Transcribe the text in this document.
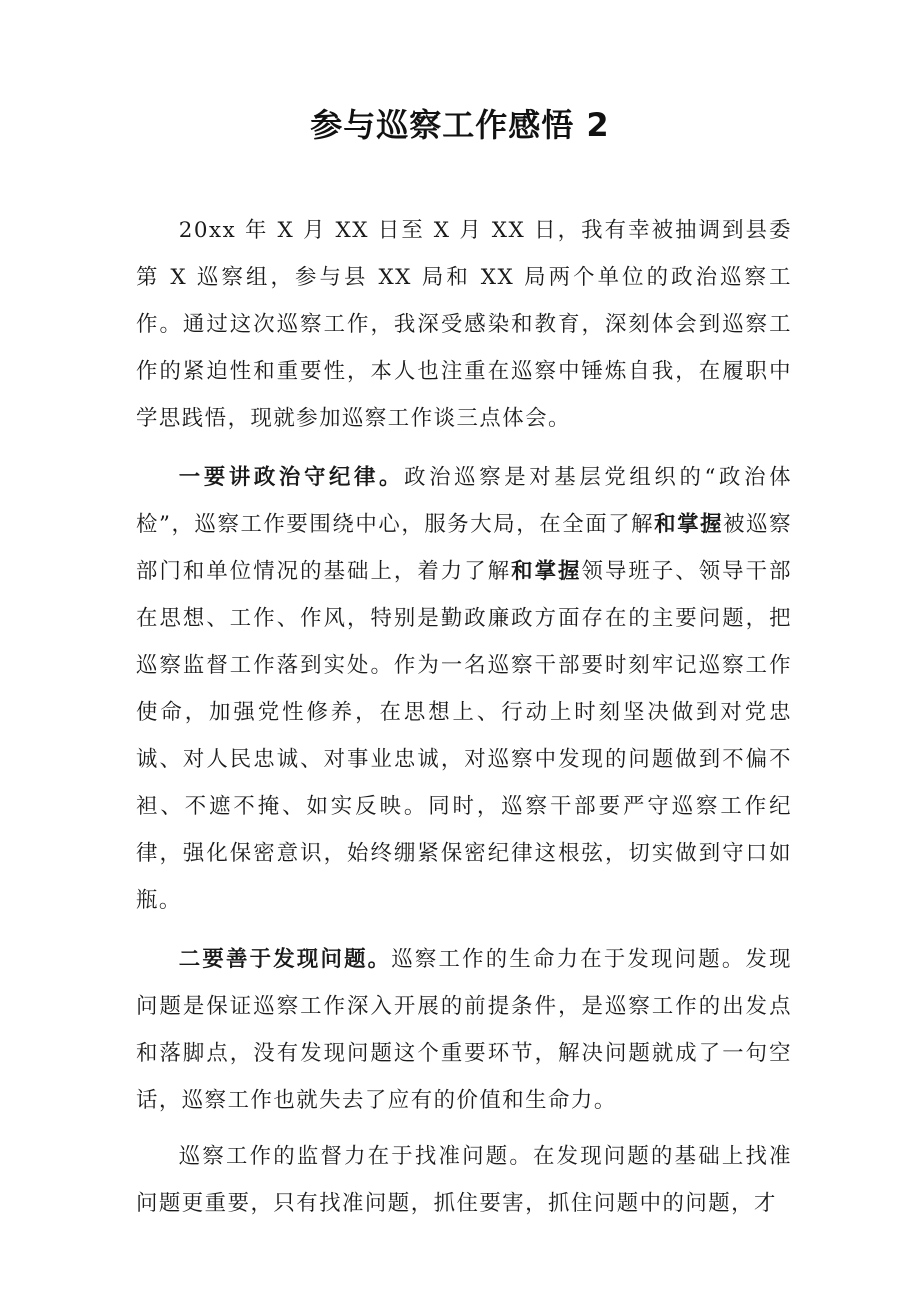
参与巡察工作感悟 2

20xx 年 X 月 XX 日至 X 月 XX 日，我有幸被抽调到县委第 X 巡察组，参与县 XX 局和 XX 局两个单位的政治巡察工作。通过这次巡察工作，我深受感染和教育，深刻体会到巡察工作的紧迫性和重要性，本人也注重在巡察中锤炼自我，在履职中学思践悟，现就参加巡察工作谈三点体会。

一要讲政治守纪律。政治巡察是对基层党组织的“政治体检”，巡察工作要围绕中心，服务大局，在全面了解和掌握被巡察部门和单位情况的基础上，着力了解和掌握领导班子、领导干部在思想、工作、作风，特别是勤政廉政方面存在的主要问题，把巡察监督工作落到实处。作为一名巡察干部要时刻牢记巡察工作使命，加强党性修养，在思想上、行动上时刻坚决做到对党忠诚、对人民忠诚、对事业忠诚，对巡察中发现的问题做到不偏不袒、不遮不掩、如实反映。同时，巡察干部要严守巡察工作纪律，强化保密意识，始终绷紧保密纪律这根弦，切实做到守口如瓶。

二要善于发现问题。巡察工作的生命力在于发现问题。发现问题是保证巡察工作深入开展的前提条件，是巡察工作的出发点和落脚点，没有发现问题这个重要环节，解决问题就成了一句空话，巡察工作也就失去了应有的价值和生命力。

巡察工作的监督力在于找准问题。在发现问题的基础上找准问题更重要，只有找准问题，抓住要害，抓住问题中的问题，才
